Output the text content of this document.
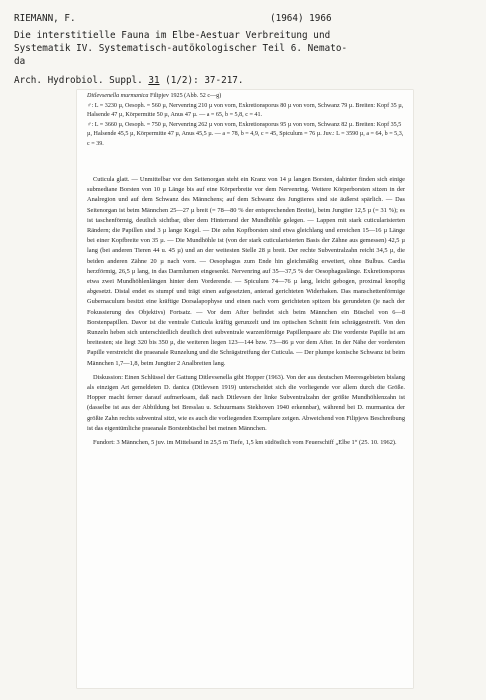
RIEMANN, F.	(1964) 1966
Die interstitielle Fauna im Elbe-Aestuar Verbreitung und
Systematik IV. Systematisch-autökologischer Teil 6. Nemato-
da
Arch. Hydrobiol. Suppl. 31 (1/2): 37-217.

Ditlevsenella murmanica Filipjev 1925 (Abb. 52 c—g)

♂: L = 3230 µ, Oesoph. = 560 µ, Nervenring 210 µ von vorn, Exkretionsporus 80 µ von vorn, Schwanz 79 µ. Breiten: Kopf 35 µ, Halsende 47 µ, Körpermitte 50 µ, Anus 47 µ. — a = 65, b = 5,8, c = 41.

♂: L = 3660 µ, Oesoph. = 750 µ, Nervenring 262 µ von vorn, Exkretionsporus 95 µ von vorn, Schwanz 82 µ. Breiten: Kopf 35,5 µ, Halsende 45,5 µ, Körpermitte 47 µ, Anus 45,5 µ. — a = 78, b = 4,9, c = 45, Spiculum = 76 µ. Juv.: L = 3590 µ, a = 64, b = 5,3, c = 39.

Cuticula glatt. — Unmittelbar vor den Seitenorgan steht ein Kranz von 14 µ langen Borsten, dahinter finden sich einige submediane Borsten von 10 µ Länge bis auf eine Körperbreite vor dem Nervenring. Weitere Körperborsten sitzen in der Analregion und auf dem Schwanz des Männchens; auf dem Schwanz des Jungtieres sind sie äußerst spärlich. — Das Seitenorgan ist beim Männchen 25—27 µ breit (= 78—80 % der entsprechenden Breite), beim Jungtier 12,5 µ (= 31 %); es ist taschenförmig, deutlich sichtbar, über dem Hinterrand der Mundhöhle gelegen. — Lappen mit stark cuticularisierten Rändern; die Papillen sind 3 µ lange Kegel. — Die zehn Kopfborsten sind etwa gleichlang und erreichen 15—16 µ Länge bei einer Kopfbreite von 35 µ. — Die Mundhöhle ist (von der stark cuticularisierten Basis der Zähne aus gemessen) 42,5 µ lang (bei anderen Tieren 44 u. 45 µ) und an der weitesten Stelle 28 µ breit. Der rechte Subventralzahn reicht 34,5 µ, die beiden anderen Zähne 20 µ nach vorn. — Oesophagus zum Ende hin gleichmäßig erweitert, ohne Bulbus. Cardia herzförmig, 26,5 µ lang, in das Darmlumen eingesenkt. Nervenring auf 35—37,5 % der Oesophaguslänge. Exkretionsporus etwa zwei Mundhöhlenlängen hinter dem Vorderende. — Spiculum 74—76 µ lang, leicht gebogen, proximal knopfig abgesetzt. Distal endet es stumpf und trägt einen aufgesetzten, anterad gerichteten Widerhaken. Das manschettenförmige Gubernaculum besitzt eine kräftige Dorsalapophyse und einen nach vorn gerichteten spitzen bis gerundeten (je nach der Fokussierung des Objektivs) Fortsatz. — Vor dem After befindet sich beim Männchen ein Büschel von 6—8 Borstenpapillen. Davor ist die ventrale Cuticula kräftig gerunzelt und im optischen Schnitt fein schräggestreift. Von den Runzeln heben sich unterschiedlich deutlich drei subventrale warzenförmige Papillenpaare ab: Die vorderste Papille ist am breitesten; sie liegt 320 bis 350 µ, die weiteren liegen 123—144 bzw. 73—86 µ vor dem After. In der Nähe der vordersten Papille verstreicht die praeanale Runzelung und die Schrägstreifung der Cuticula. — Der plumpe konische Schwanz ist beim Männchen 1,7—1,8, beim Jungtier 2 Analbreiten lang.

Diskussion: Einen Schlüssel der Gattung Ditlevsenella gibt Hopper (1963). Von der aus deutschen Meeresgebieten bislang als einzigen Art gemeldeten D. danica (Ditlevsen 1919) unterscheidet sich die vorliegende vor allem durch die Größe. Hopper macht ferner darauf aufmerksam, daß nach Ditlevsen der linke Subventralzahn der größte Mundhöhlenzahn ist (dasselbe ist aus der Abbildung bei Bresslau u. Schuurmans Stekhoven 1940 erkennbar), während bei D. murmanica der größte Zahn rechts subventral sitzt, wie es auch die vorliegenden Exemplare zeigen. Abweichend von Filipjevs Beschreibung ist das eigentümliche praeanale Borstenbüschel bei meinen Männchen.

Fundort: 3 Männchen, 5 juv. im Mittelsand in 25,5 m Tiefe, 1,5 km südöstlich vom Feuerschiff „Elbe 1“ (25. 10. 1962).
